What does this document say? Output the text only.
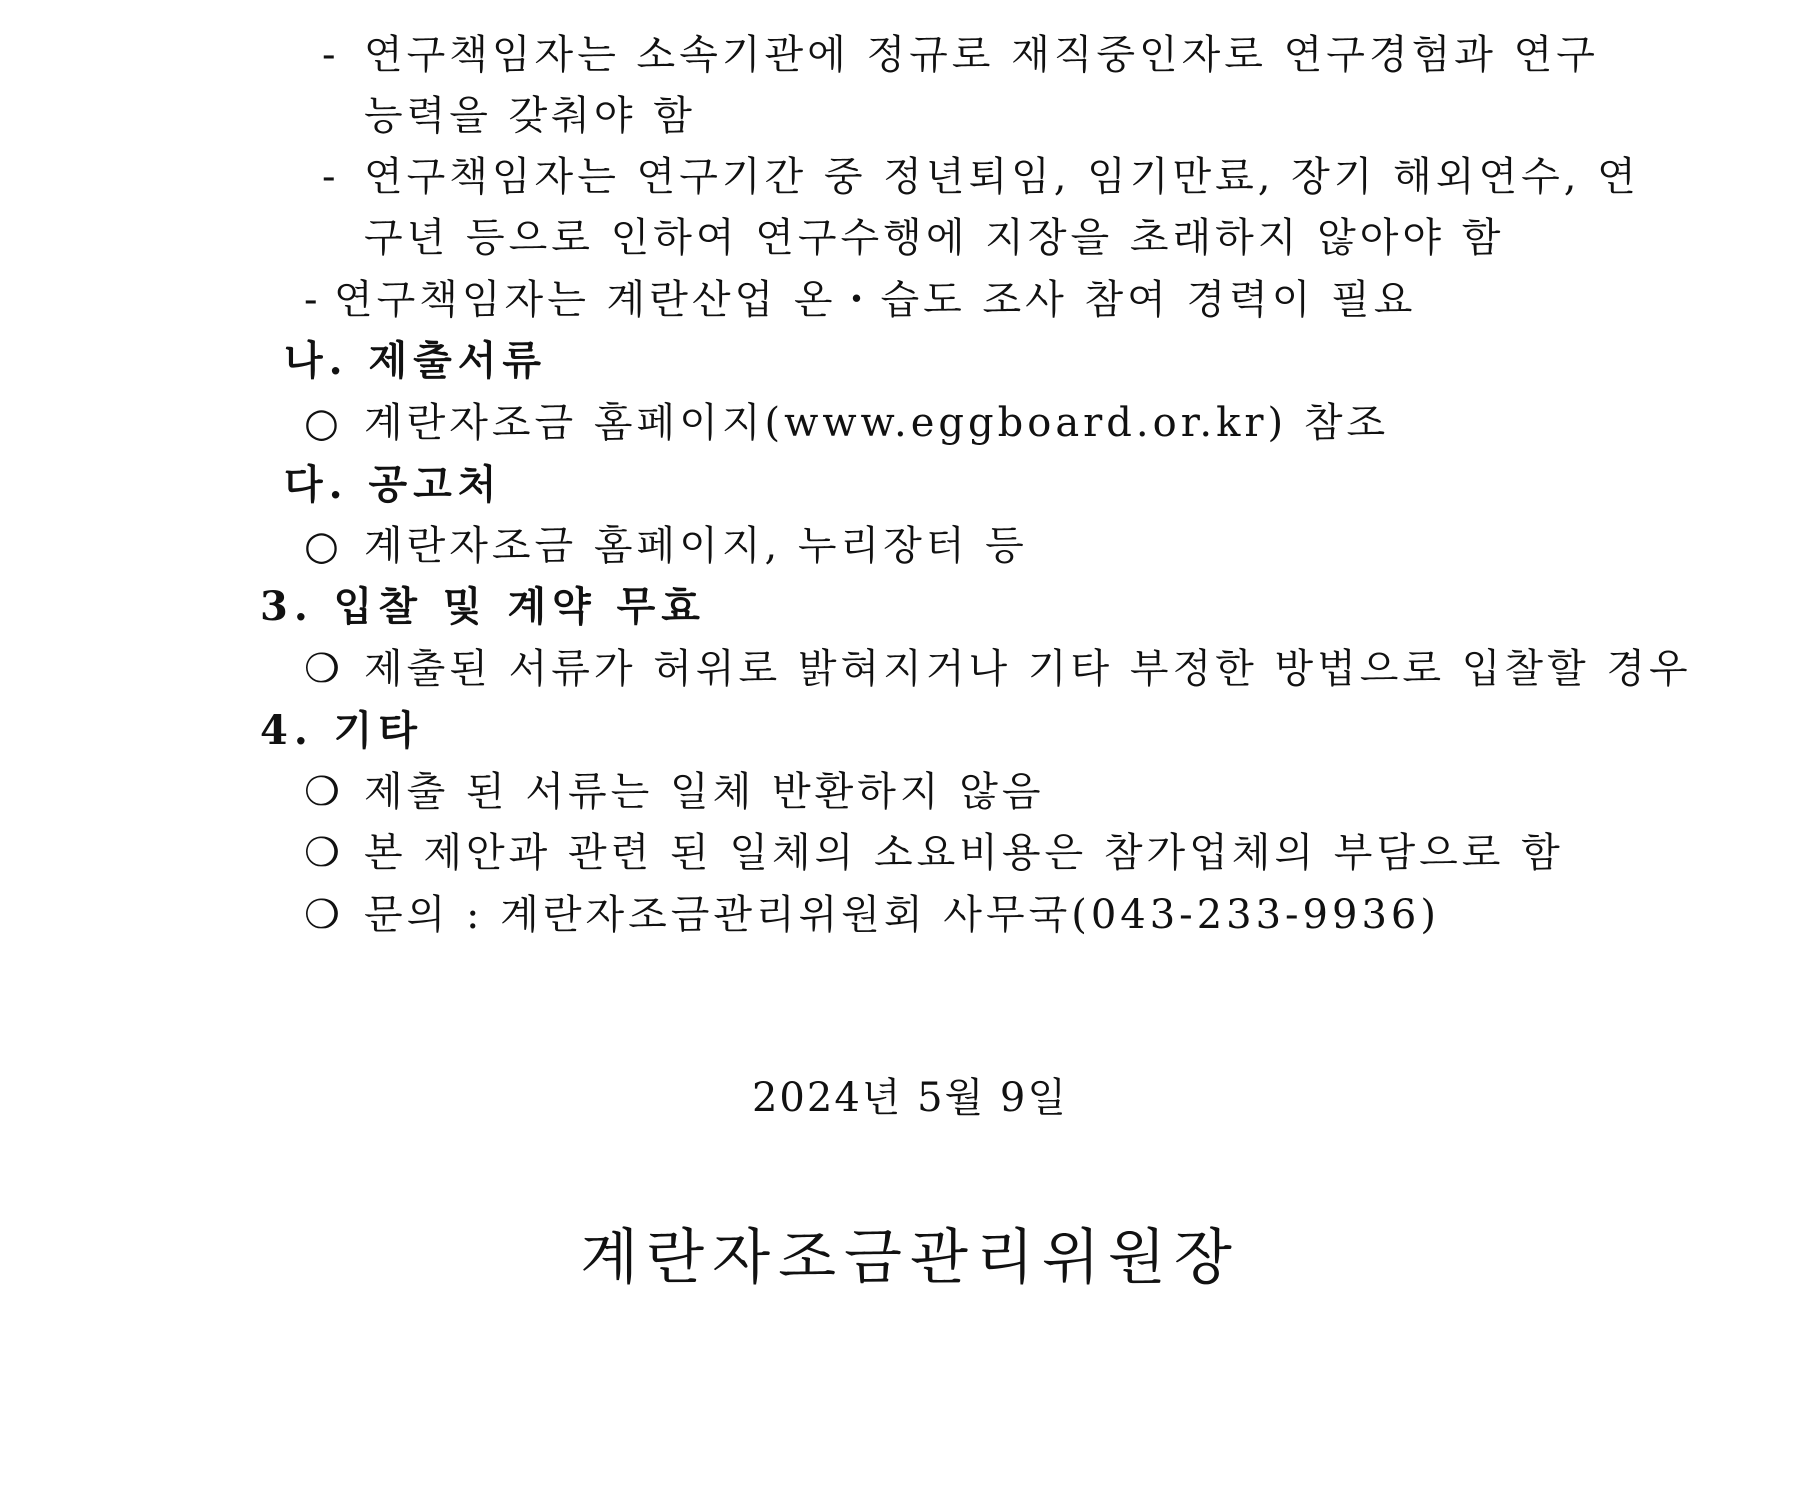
- 연구책임자는 소속기관에 정규로 재직중인자로 연구경험과 연구
능력을 갖춰야 함
- 연구책임자는 연구기간 중 정년퇴임, 임기만료, 장기 해외연수, 연
구년 등으로 인하여 연구수행에 지장을 초래하지 않아야 함
- 연구책임자는 계란산업 온・습도 조사 참여 경력이 필요
나. 제출서류
○ 계란자조금 홈페이지(www.eggboard.or.kr) 참조
다. 공고처
○ 계란자조금 홈페이지, 누리장터 등
3. 입찰 및 계약 무효
❍ 제출된 서류가 허위로 밝혀지거나 기타 부정한 방법으로 입찰할 경우
4. 기타
❍ 제출 된 서류는 일체 반환하지 않음
❍ 본 제안과 관련 된 일체의 소요비용은 참가업체의 부담으로 함
❍ 문의 : 계란자조금관리위원회 사무국(043-233-9936)
2024년 5월 9일
계란자조금관리위원장
